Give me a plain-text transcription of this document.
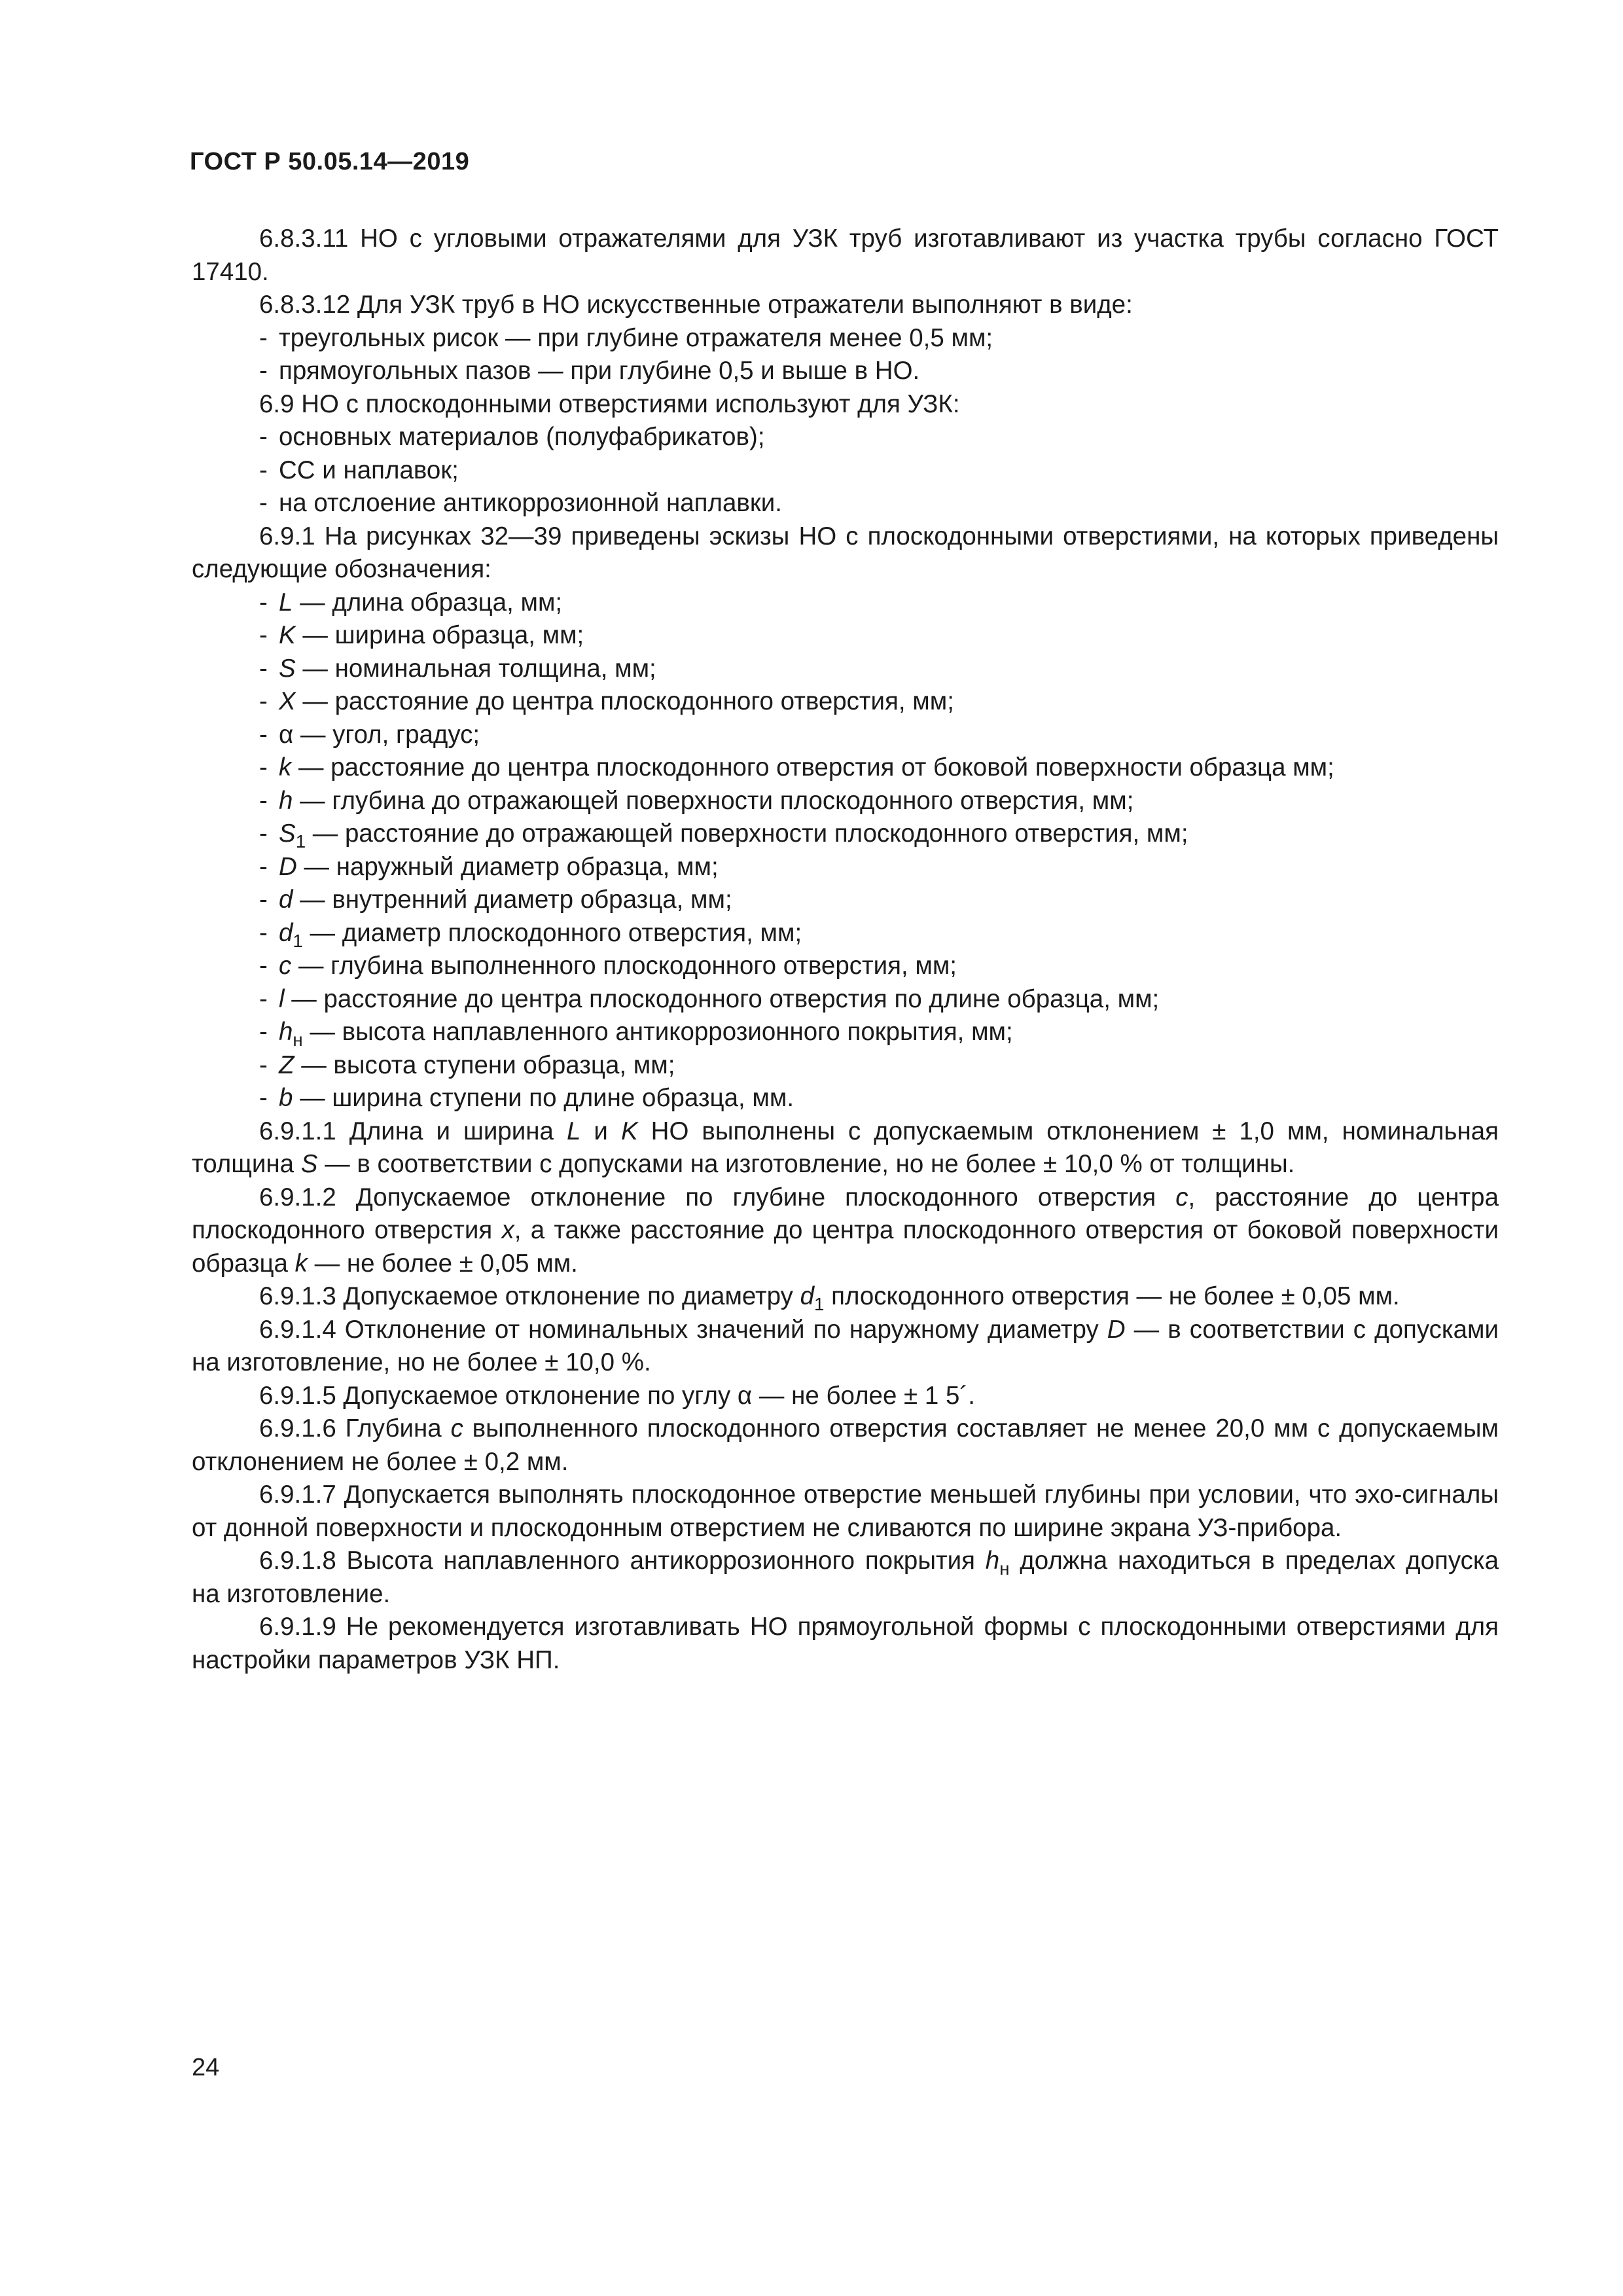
ГОСТ Р 50.05.14—2019
6.8.3.11 НО с угловыми отражателями для УЗК труб изготавливают из участка трубы согласно ГОСТ 17410.
6.8.3.12 Для УЗК труб в НО искусственные отражатели выполняют в виде:
- треугольных рисок — при глубине отражателя менее 0,5 мм;
- прямоугольных пазов — при глубине 0,5 и выше в НО.
6.9 НО с плоскодонными отверстиями используют для УЗК:
- основных материалов (полуфабрикатов);
- СС и наплавок;
- на отслоение антикоррозионной наплавки.
6.9.1 На рисунках 32—39 приведены эскизы НО с плоскодонными отверстиями, на которых приведены следующие обозначения:
- L — длина образца, мм;
- K — ширина образца, мм;
- S — номинальная толщина, мм;
- X — расстояние до центра плоскодонного отверстия, мм;
- α — угол, градус;
- k — расстояние до центра плоскодонного отверстия от боковой поверхности образца мм;
- h — глубина до отражающей поверхности плоскодонного отверстия, мм;
- $S_1$ — расстояние до отражающей поверхности плоскодонного отверстия, мм;
- D — наружный диаметр образца, мм;
- d — внутренний диаметр образца, мм;
- $d_1$ — диаметр плоскодонного отверстия, мм;
- c — глубина выполненного плоскодонного отверстия, мм;
- l — расстояние до центра плоскодонного отверстия по длине образца, мм;
- $h_н$ — высота наплавленного антикоррозионного покрытия, мм;
- Z — высота ступени образца, мм;
- b — ширина ступени по длине образца, мм.
6.9.1.1 Длина и ширина L и K НО выполнены с допускаемым отклонением ± 1,0 мм, номинальная толщина S — в соответствии с допусками на изготовление, но не более ± 10,0 % от толщины.
6.9.1.2 Допускаемое отклонение по глубине плоскодонного отверстия c, расстояние до центра плоскодонного отверстия x, а также расстояние до центра плоскодонного отверстия от боковой поверхности образца k — не более ± 0,05 мм.
6.9.1.3 Допускаемое отклонение по диаметру $d_1$ плоскодонного отверстия — не более ± 0,05 мм.
6.9.1.4 Отклонение от номинальных значений по наружному диаметру D — в соответствии с допусками на изготовление, но не более ± 10,0 %.
6.9.1.5 Допускаемое отклонение по углу α — не более ± 1 5´.
6.9.1.6 Глубина c выполненного плоскодонного отверстия составляет не менее 20,0 мм с допускаемым отклонением не более ± 0,2 мм.
6.9.1.7 Допускается выполнять плоскодонное отверстие меньшей глубины при условии, что эхо-сигналы от донной поверхности и плоскодонным отверстием не сливаются по ширине экрана УЗ-прибора.
6.9.1.8 Высота наплавленного антикоррозионного покрытия $h_н$ должна находиться в пределах допуска на изготовление.
6.9.1.9 Не рекомендуется изготавливать НО прямоугольной формы с плоскодонными отверстиями для настройки параметров УЗК НП.
24
